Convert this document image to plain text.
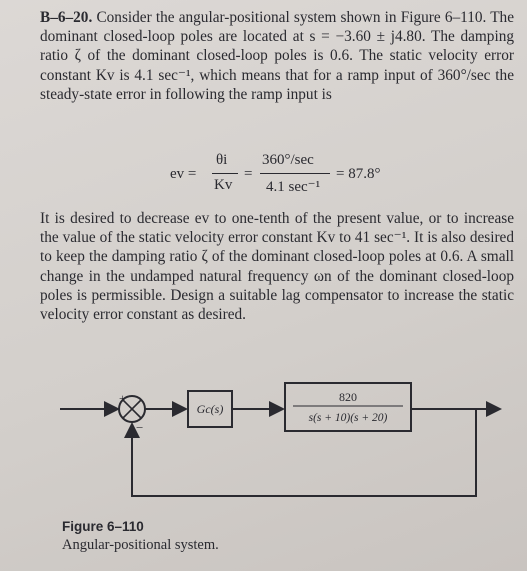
B–6–20. Consider the angular-positional system shown in Figure 6–110. The dominant closed-loop poles are located at s = −3.60 ± j4.80. The damping ratio ζ of the dominant closed-loop poles is 0.6. The static velocity error constant Kv is 4.1 sec⁻¹, which means that for a ramp input of 360°/sec the steady-state error in following the ramp input is

ev =
θi
Kv
=
360°/sec
4.1 sec⁻¹
= 87.8°

It is desired to decrease ev to one-tenth of the present value, or to increase the value of the static velocity error constant Kv to 41 sec⁻¹. It is also desired to keep the damping ratio ζ of the dominant closed-loop poles at 0.6. A small change in the undamped natural frequency ωn of the dominant closed-loop poles is permissible. Design a suitable lag compensator to increase the static velocity error constant as desired.

+
−
Gc(s)
820
s(s + 10)(s + 20)
Figure 6–110
Angular-positional system.
